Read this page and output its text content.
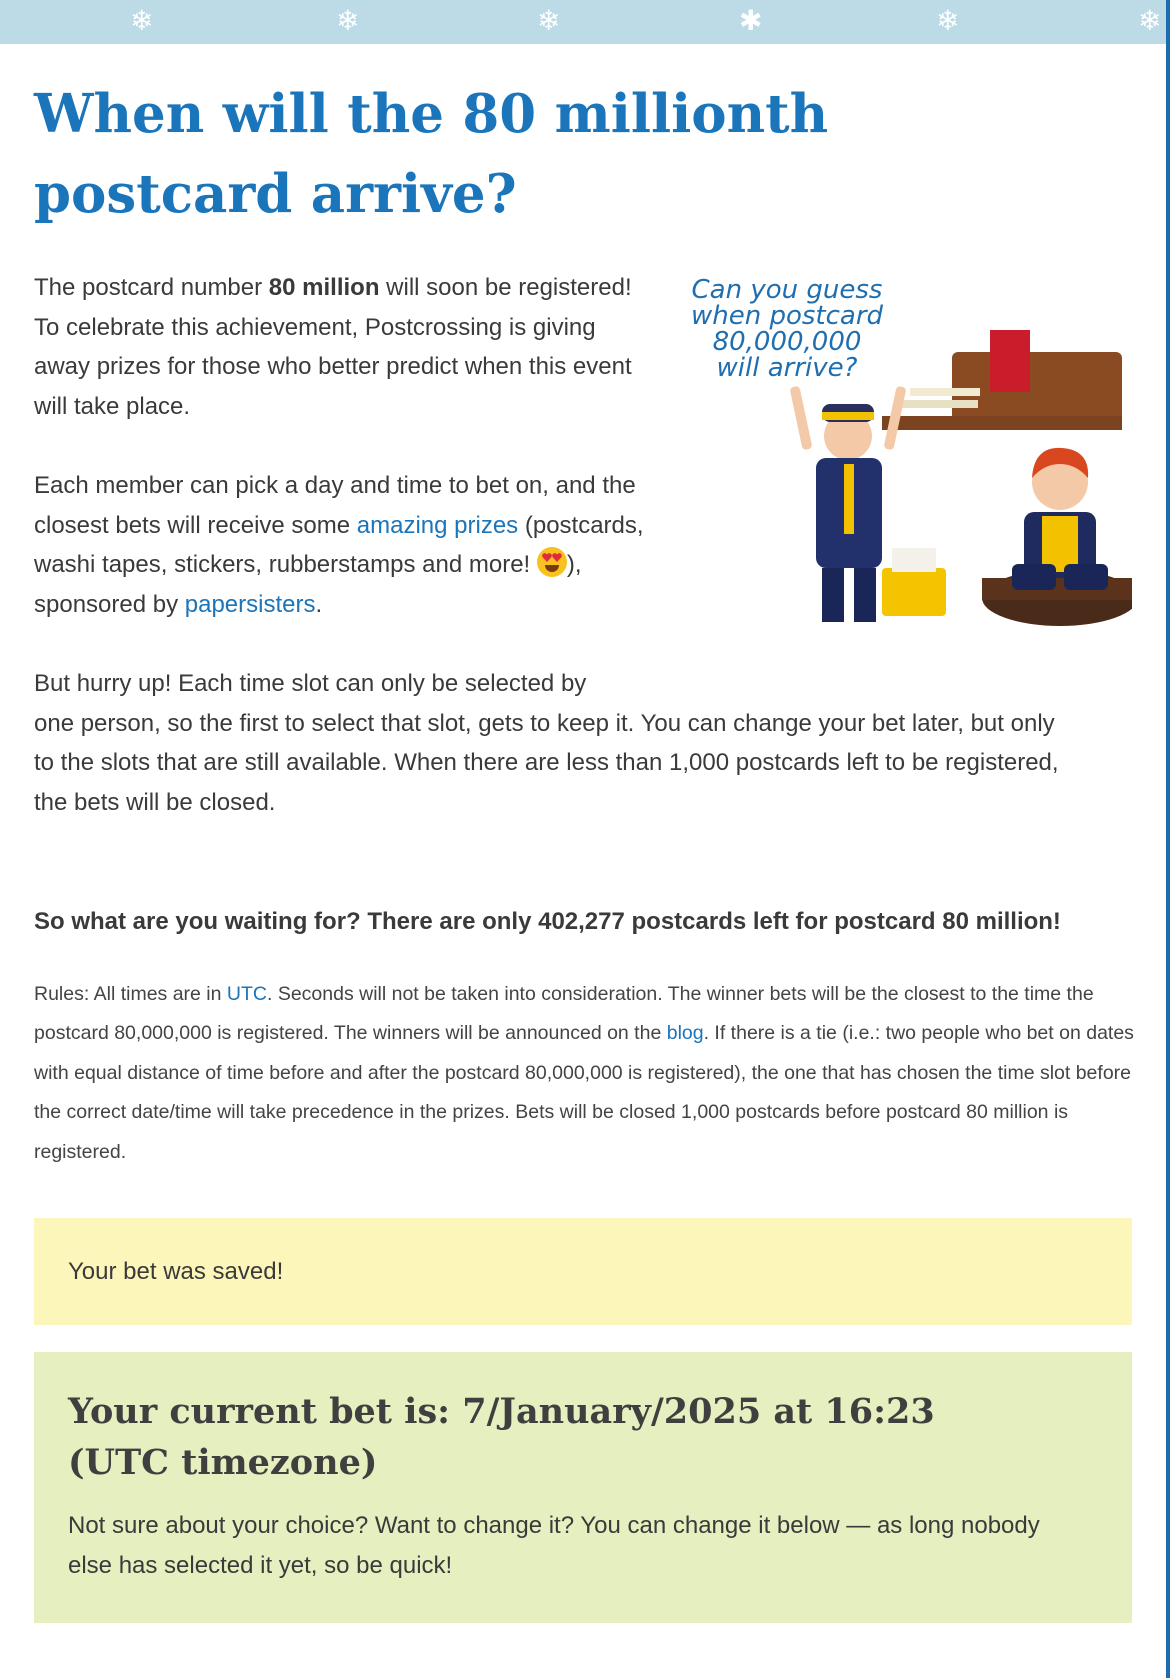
❄	❄	❄	✱	❄	❄
When will the 80 millionth postcard arrive?
Can you guess
when postcard
80,000,000
will arrive?

The postcard number 80 million will soon be registered! To celebrate this achievement, Postcrossing is giving away prizes for those who better predict when this event will take place.

Each member can pick a day and time to bet on, and the closest bets will receive some amazing prizes (postcards, washi tapes, stickers, rubberstamps and more!
), sponsored by papersisters.

But hurry up! Each time slot can only be selected by

one person, so the first to select that slot, gets to keep it. You can change your bet later, but only to the slots that are still available. When there are less than 1,000 postcards left to be registered, the bets will be closed.

So what are you waiting for? There are only 402,277 postcards left for postcard 80 million!

Rules: All times are in UTC. Seconds will not be taken into consideration. The winner bets will be the closest to the time the postcard 80,000,000 is registered. The winners will be announced on the blog. If there is a tie (i.e.: two people who bet on dates with equal distance of time before and after the postcard 80,000,000 is registered), the one that has chosen the time slot before the correct date/time will take precedence in the prizes. Bets will be closed 1,000 postcards before postcard 80 million is registered.

Your bet was saved!
Your current bet is: 7/January/2025 at 16:23 (UTC timezone)

Not sure about your choice? Want to change it? You can change it below — as long nobody else has selected it yet, so be quick!
